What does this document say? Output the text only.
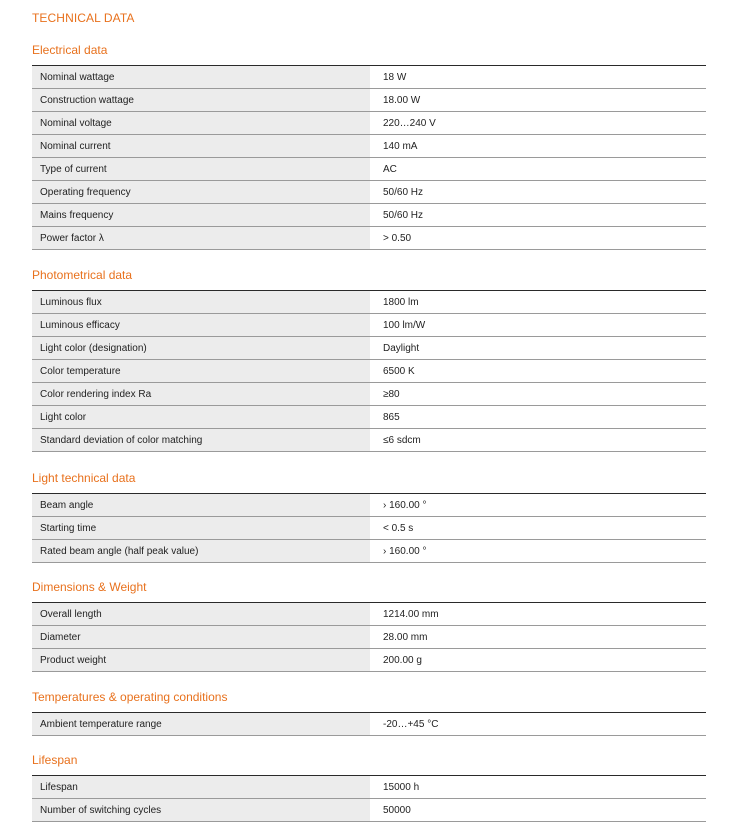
TECHNICAL DATA
Electrical data
Nominal wattage		18 W
Construction wattage		18.00 W
Nominal voltage		220…240 V
Nominal current		140 mA
Type of current		AC
Operating frequency		50/60 Hz
Mains frequency		50/60 Hz
Power factor λ		> 0.50
Photometrical data
Luminous flux		1800 lm
Luminous efficacy		100 lm/W
Light color (designation)		Daylight
Color temperature		6500 K
Color rendering index Ra		≥80
Light color		865
Standard deviation of color matching		≤6 sdcm
Light technical data
Beam angle		› 160.00 °
Starting time		< 0.5 s
Rated beam angle (half peak value)		› 160.00 °
Dimensions & Weight
Overall length		1214.00 mm
Diameter		28.00 mm
Product weight		200.00 g
Temperatures & operating conditions
Ambient temperature range		-20…+45 °C
Lifespan
Lifespan		15000 h
Number of switching cycles		50000
